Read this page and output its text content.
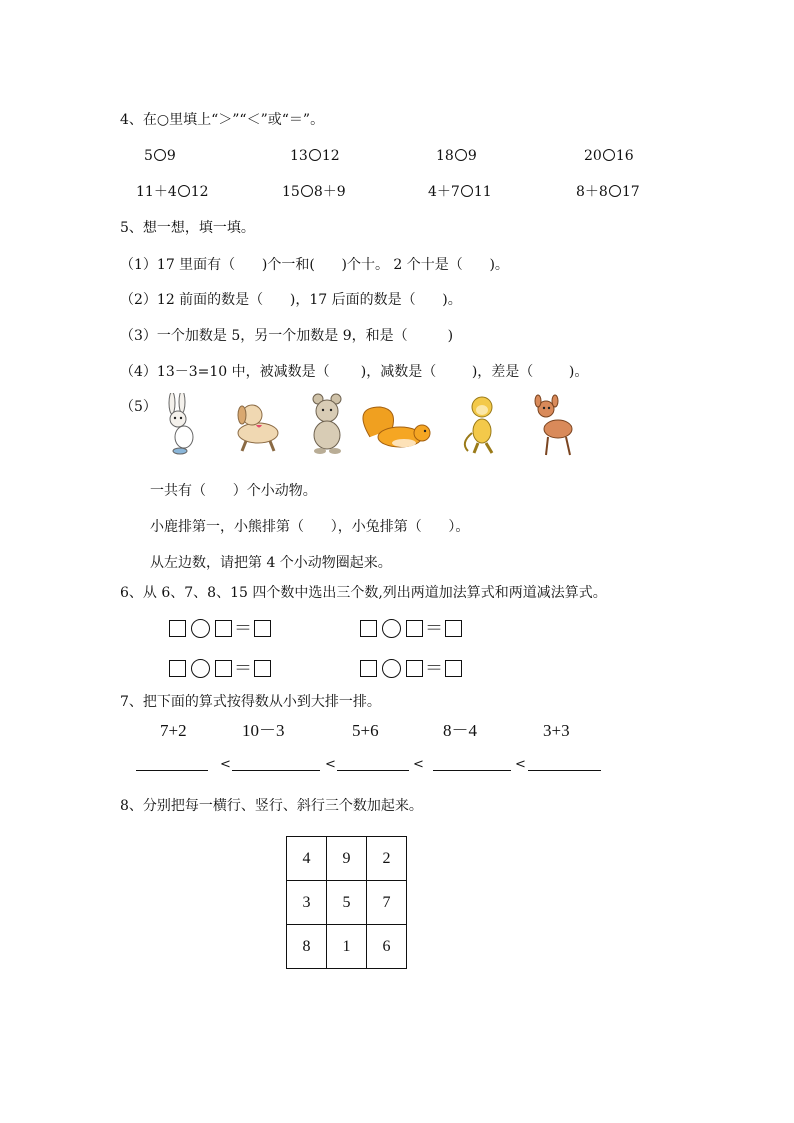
4、在○里填上“＞”“＜”或“＝”。
5 9	13 12	18 9	20 16
11＋4 12	15 8＋9	4＋7 11	8＋8 17
5、想一想，填一填。
（1）17 里面有（      )个一和(      )个十。 2 个十是（      )。
（2）12 前面的数是（      )，17 后面的数是（      )。
（3）一个加数是 5，另一个加数是 9，和是（         )
（4）13－3=10 中，被减数是（       )，减数是（        )，差是（        )。
（5）
一共有（      ）个小动物。
小鹿排第一，小熊排第（      ），小兔排第（      ）。
从左边数，请把第 4 个小动物圈起来。
6、从 6、7、8、15 四个数中选出三个数,列出两道加法算式和两道减法算式。
＝	＝
＝	＝
7、把下面的算式按得数从小到大排一排。
7+2	10－3	5+6	8－4	3+3
<	<	<	<
8、分别把每一横行、竖行、斜行三个数加起来。
4	9	2
3	5	7
8	1	6
